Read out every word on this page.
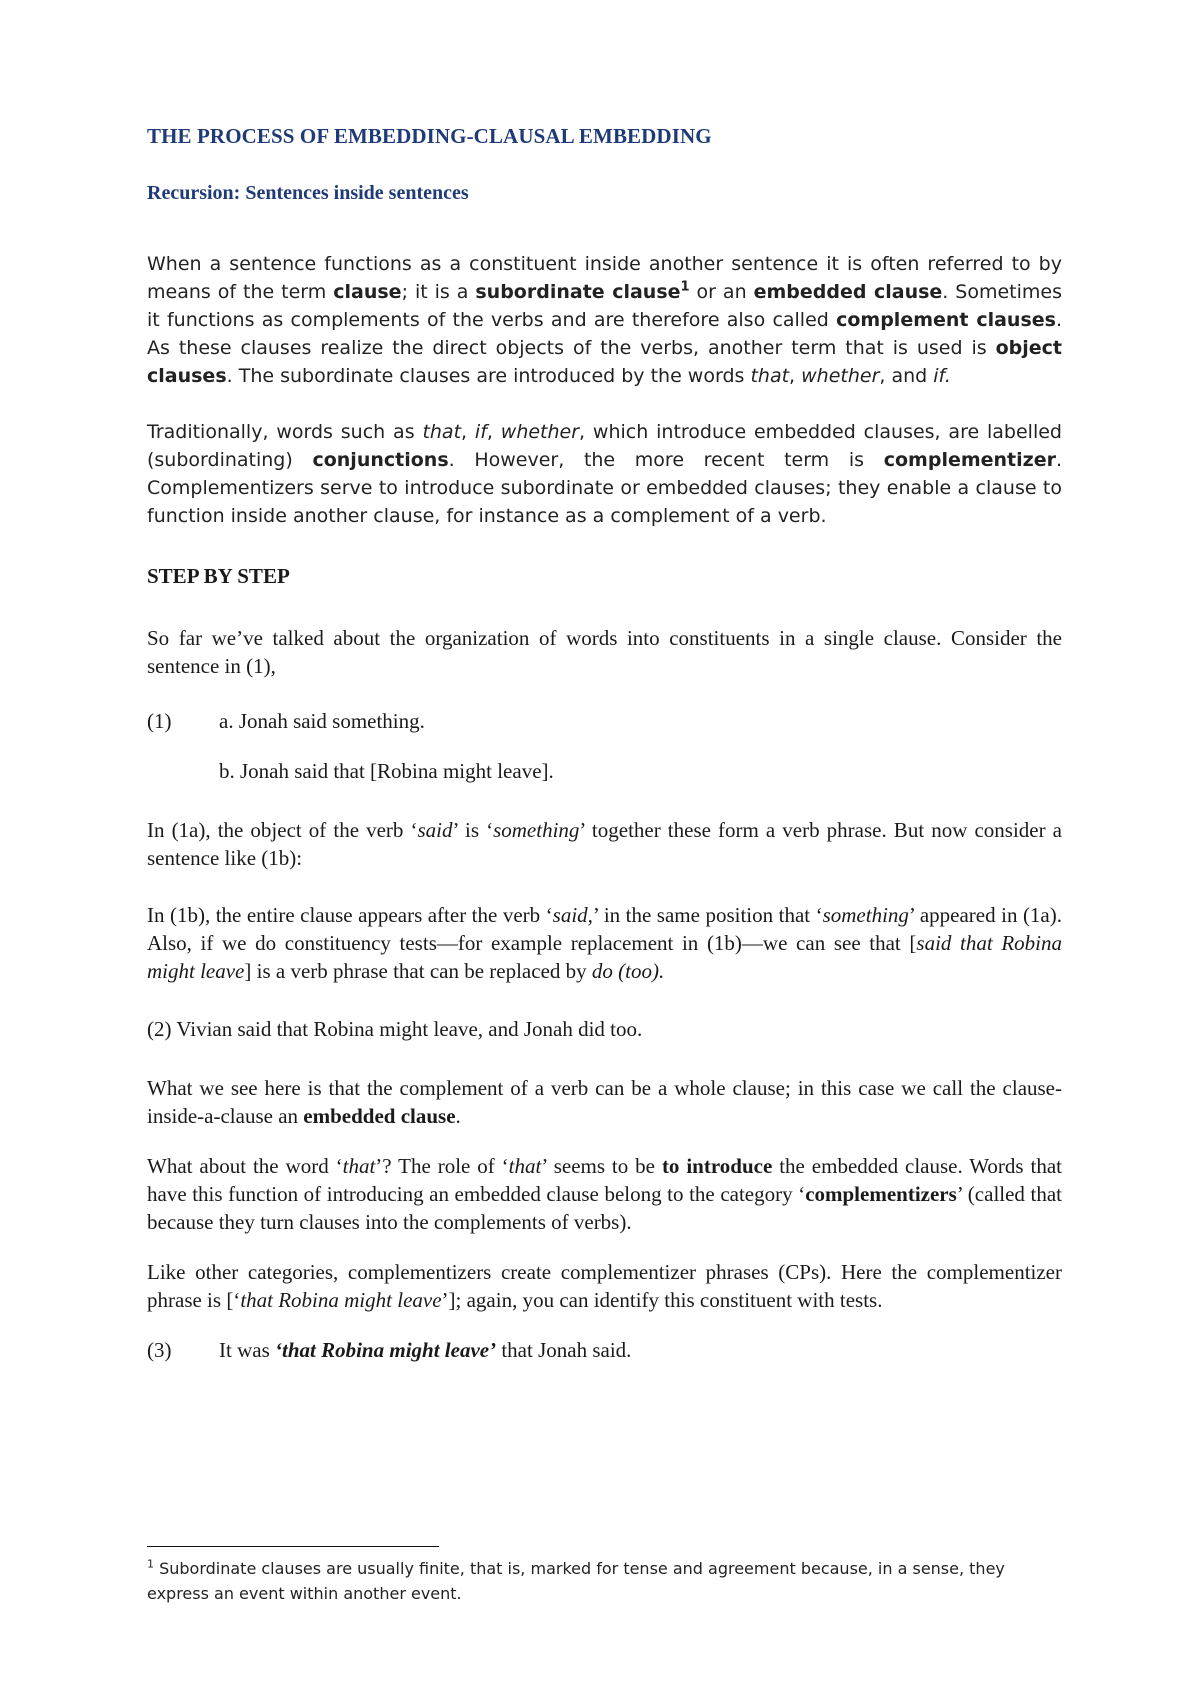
THE PROCESS OF EMBEDDING-CLAUSAL EMBEDDING
Recursion: Sentences inside sentences

When a sentence functions as a constituent inside another sentence it is often referred to by means of the term clause; it is a subordinate clause$^1$ or an embedded clause. Sometimes it functions as complements of the verbs and are therefore also called complement clauses. As these clauses realize the direct objects of the verbs, another term that is used is object clauses. The subordinate clauses are introduced by the words that, whether, and if.

Traditionally, words such as that, if, whether, which introduce embedded clauses, are labelled (subordinating) conjunctions. However, the more recent term is complementizer. Complementizers serve to introduce subordinate or embedded clauses; they enable a clause to function inside another clause, for instance as a complement of a verb.

STEP BY STEP

So far we’ve talked about the organization of words into constituents in a single clause. Consider the sentence in (1),

(1) a. Jonah said something.
b. Jonah said that [Robina might leave].

In (1a), the object of the verb ‘said’ is ‘something’ together these form a verb phrase. But now consider a sentence like (1b):

In (1b), the entire clause appears after the verb ‘said,’ in the same position that ‘something’ appeared in (1a). Also, if we do constituency tests—for example replacement in (1b)—we can see that [said that Robina might leave] is a verb phrase that can be replaced by do (too).

(2) Vivian said that Robina might leave, and Jonah did too.

What we see here is that the complement of a verb can be a whole clause; in this case we call the clause-inside-a-clause an embedded clause.

What about the word ‘that’? The role of ‘that’ seems to be to introduce the embedded clause. Words that have this function of introducing an embedded clause belong to the category ‘complementizers’ (called that because they turn clauses into the complements of verbs).

Like other categories, complementizers create complementizer phrases (CPs). Here the complementizer phrase is [‘that Robina might leave’]; again, you can identify this constituent with tests.

(3) It was ‘that Robina might leave’ that Jonah said.
$^1$ Subordinate clauses are usually finite, that is, marked for tense and agreement because, in a sense, they express an event within another event.
